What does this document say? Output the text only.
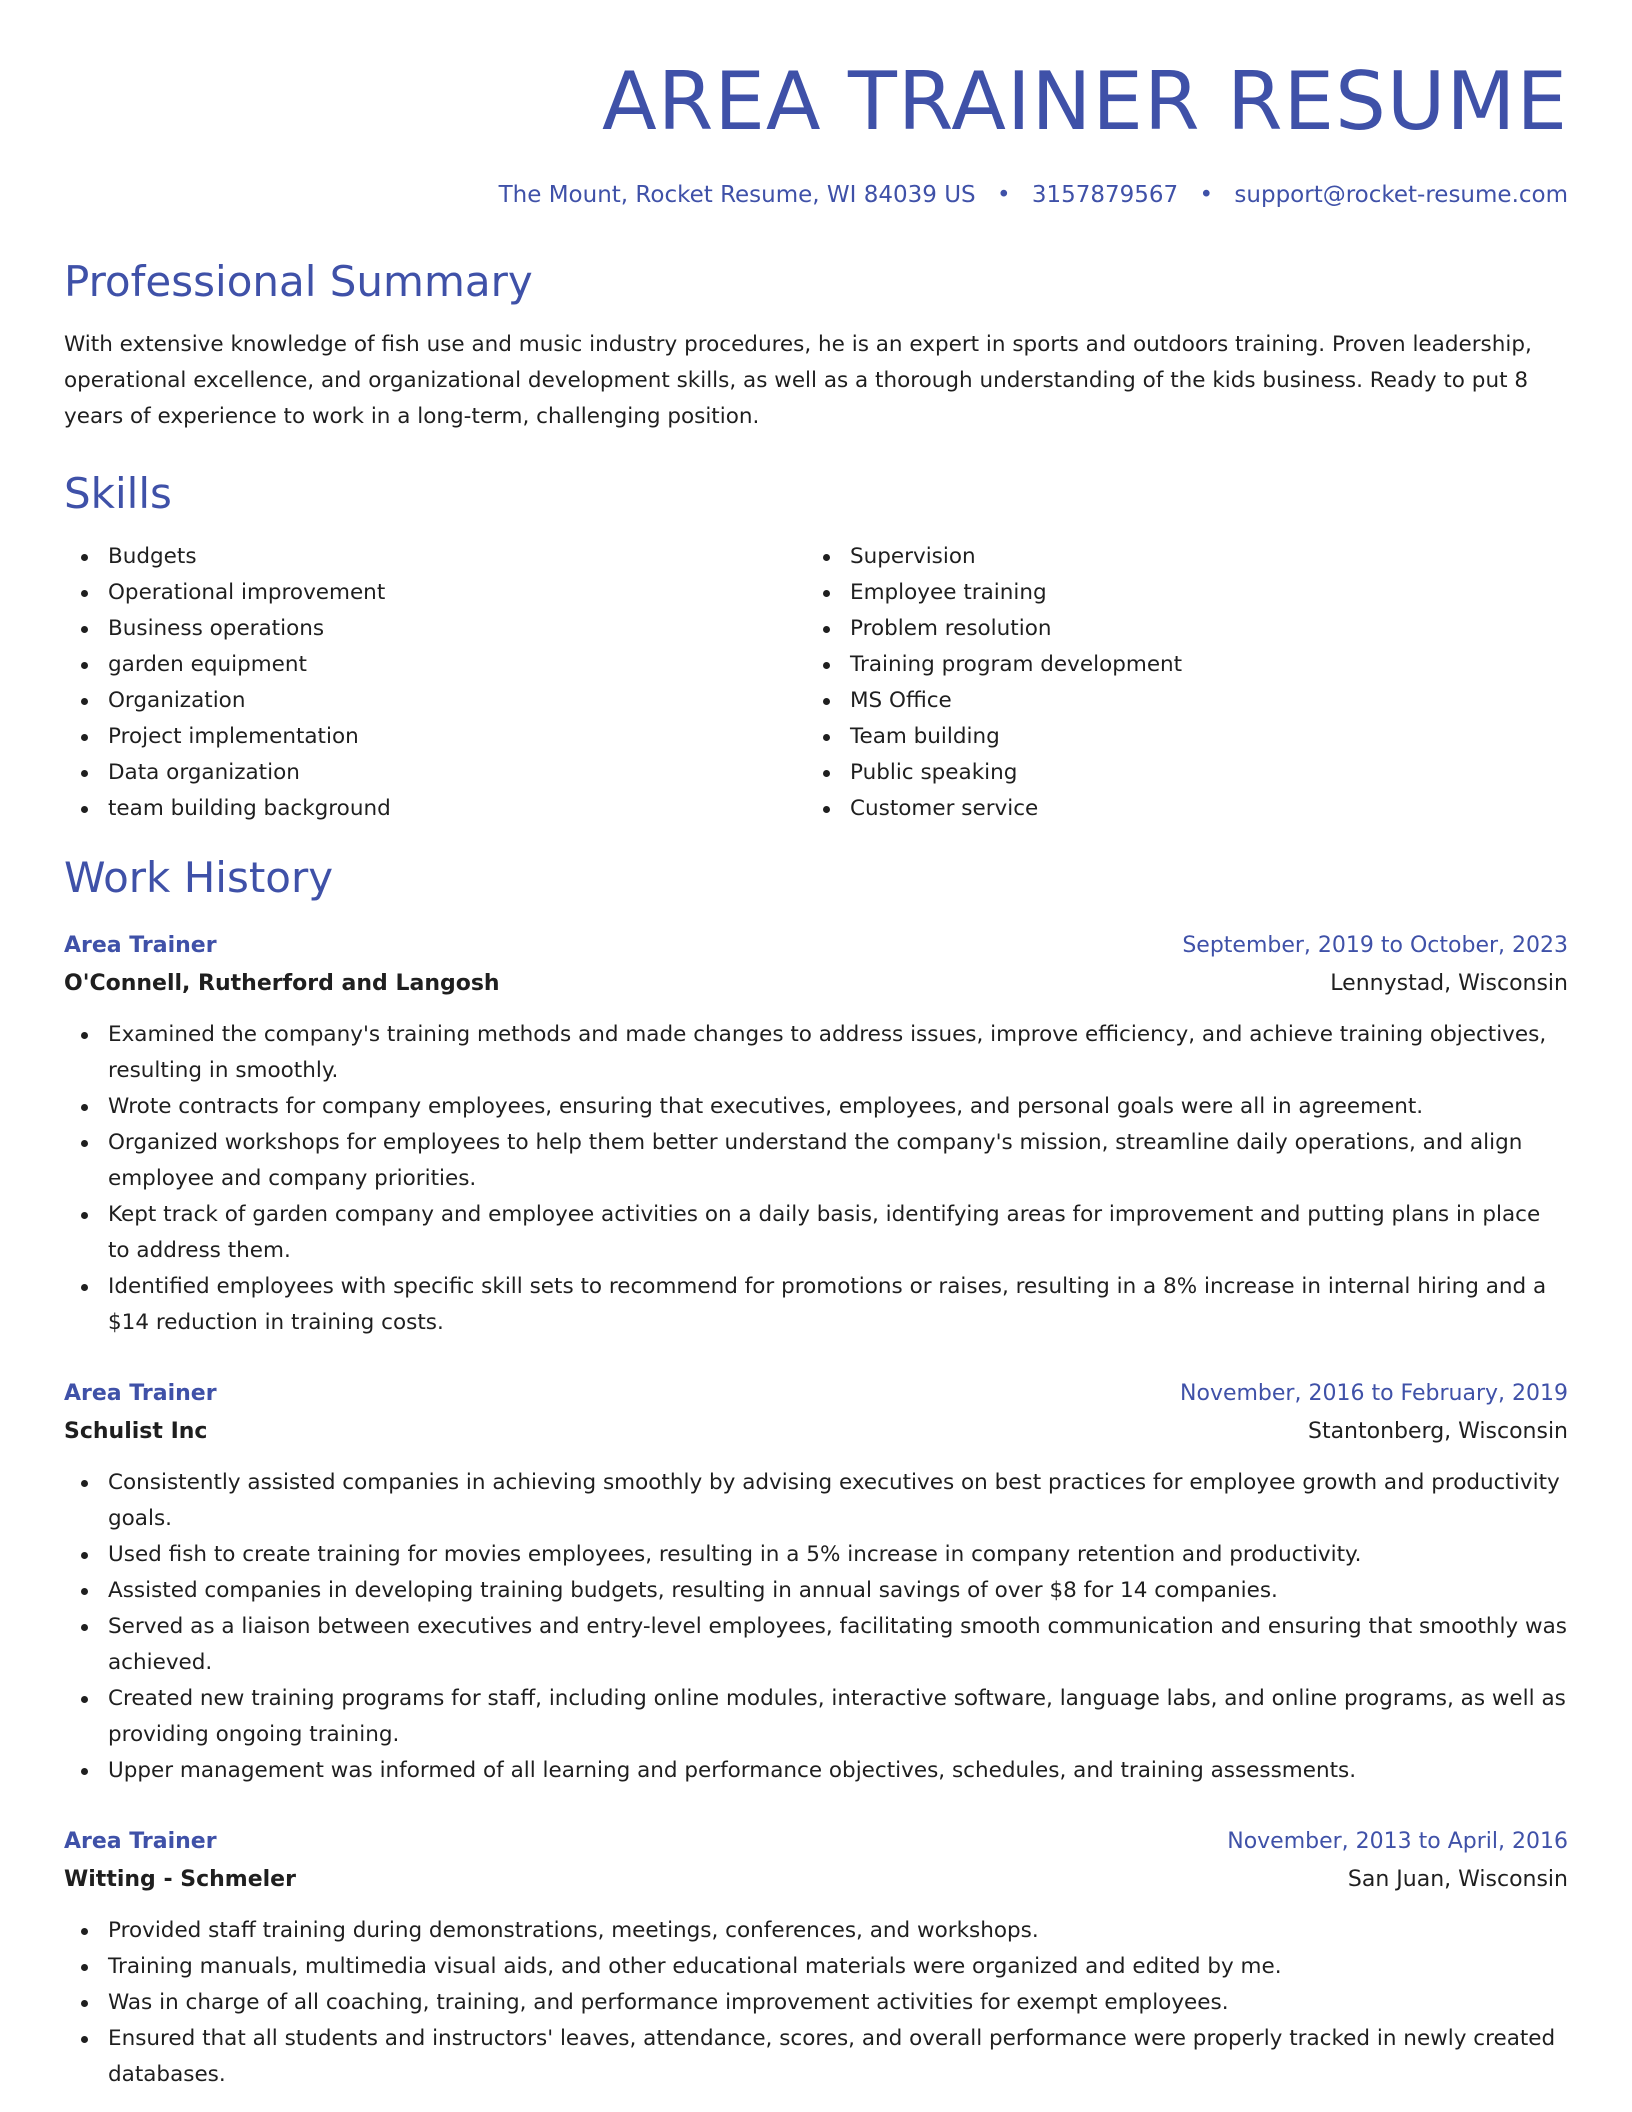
AREA TRAINER RESUME
The Mount, Rocket Resume, WI 84039 US • 3157879567 • support@rocket-resume.com
Professional Summary

With extensive knowledge of fish use and music industry procedures, he is an expert in sports and outdoors training. Proven leadership, operational excellence, and organizational development skills, as well as a thorough understanding of the kids business. Ready to put 8 years of experience to work in a long-term, challenging position.

Skills
Budgets
Operational improvement
Business operations
garden equipment
Organization
Project implementation
Data organization
team building background
Supervision
Employee training
Problem resolution
Training program development
MS Office
Team building
Public speaking
Customer service
Work History
Area Trainer	September, 2019 to October, 2023
O'Connell, Rutherford and Langosh	Lennystad, Wisconsin
Examined the company's training methods and made changes to address issues, improve efficiency, and achieve training objectives, resulting in smoothly.
Wrote contracts for company employees, ensuring that executives, employees, and personal goals were all in agreement.
Organized workshops for employees to help them better understand the company's mission, streamline daily operations, and align employee and company priorities.
Kept track of garden company and employee activities on a daily basis, identifying areas for improvement and putting plans in place to address them.
Identified employees with specific skill sets to recommend for promotions or raises, resulting in a 8% increase in internal hiring and a $14 reduction in training costs.
Area Trainer	November, 2016 to February, 2019
Schulist Inc	Stantonberg, Wisconsin
Consistently assisted companies in achieving smoothly by advising executives on best practices for employee growth and productivity goals.
Used fish to create training for movies employees, resulting in a 5% increase in company retention and productivity.
Assisted companies in developing training budgets, resulting in annual savings of over $8 for 14 companies.
Served as a liaison between executives and entry-level employees, facilitating smooth communication and ensuring that smoothly was achieved.
Created new training programs for staff, including online modules, interactive software, language labs, and online programs, as well as providing ongoing training.
Upper management was informed of all learning and performance objectives, schedules, and training assessments.
Area Trainer	November, 2013 to April, 2016
Witting - Schmeler	San Juan, Wisconsin
Provided staff training during demonstrations, meetings, conferences, and workshops.
Training manuals, multimedia visual aids, and other educational materials were organized and edited by me.
Was in charge of all coaching, training, and performance improvement activities for exempt employees.
Ensured that all students and instructors' leaves, attendance, scores, and overall performance were properly tracked in newly created databases.
